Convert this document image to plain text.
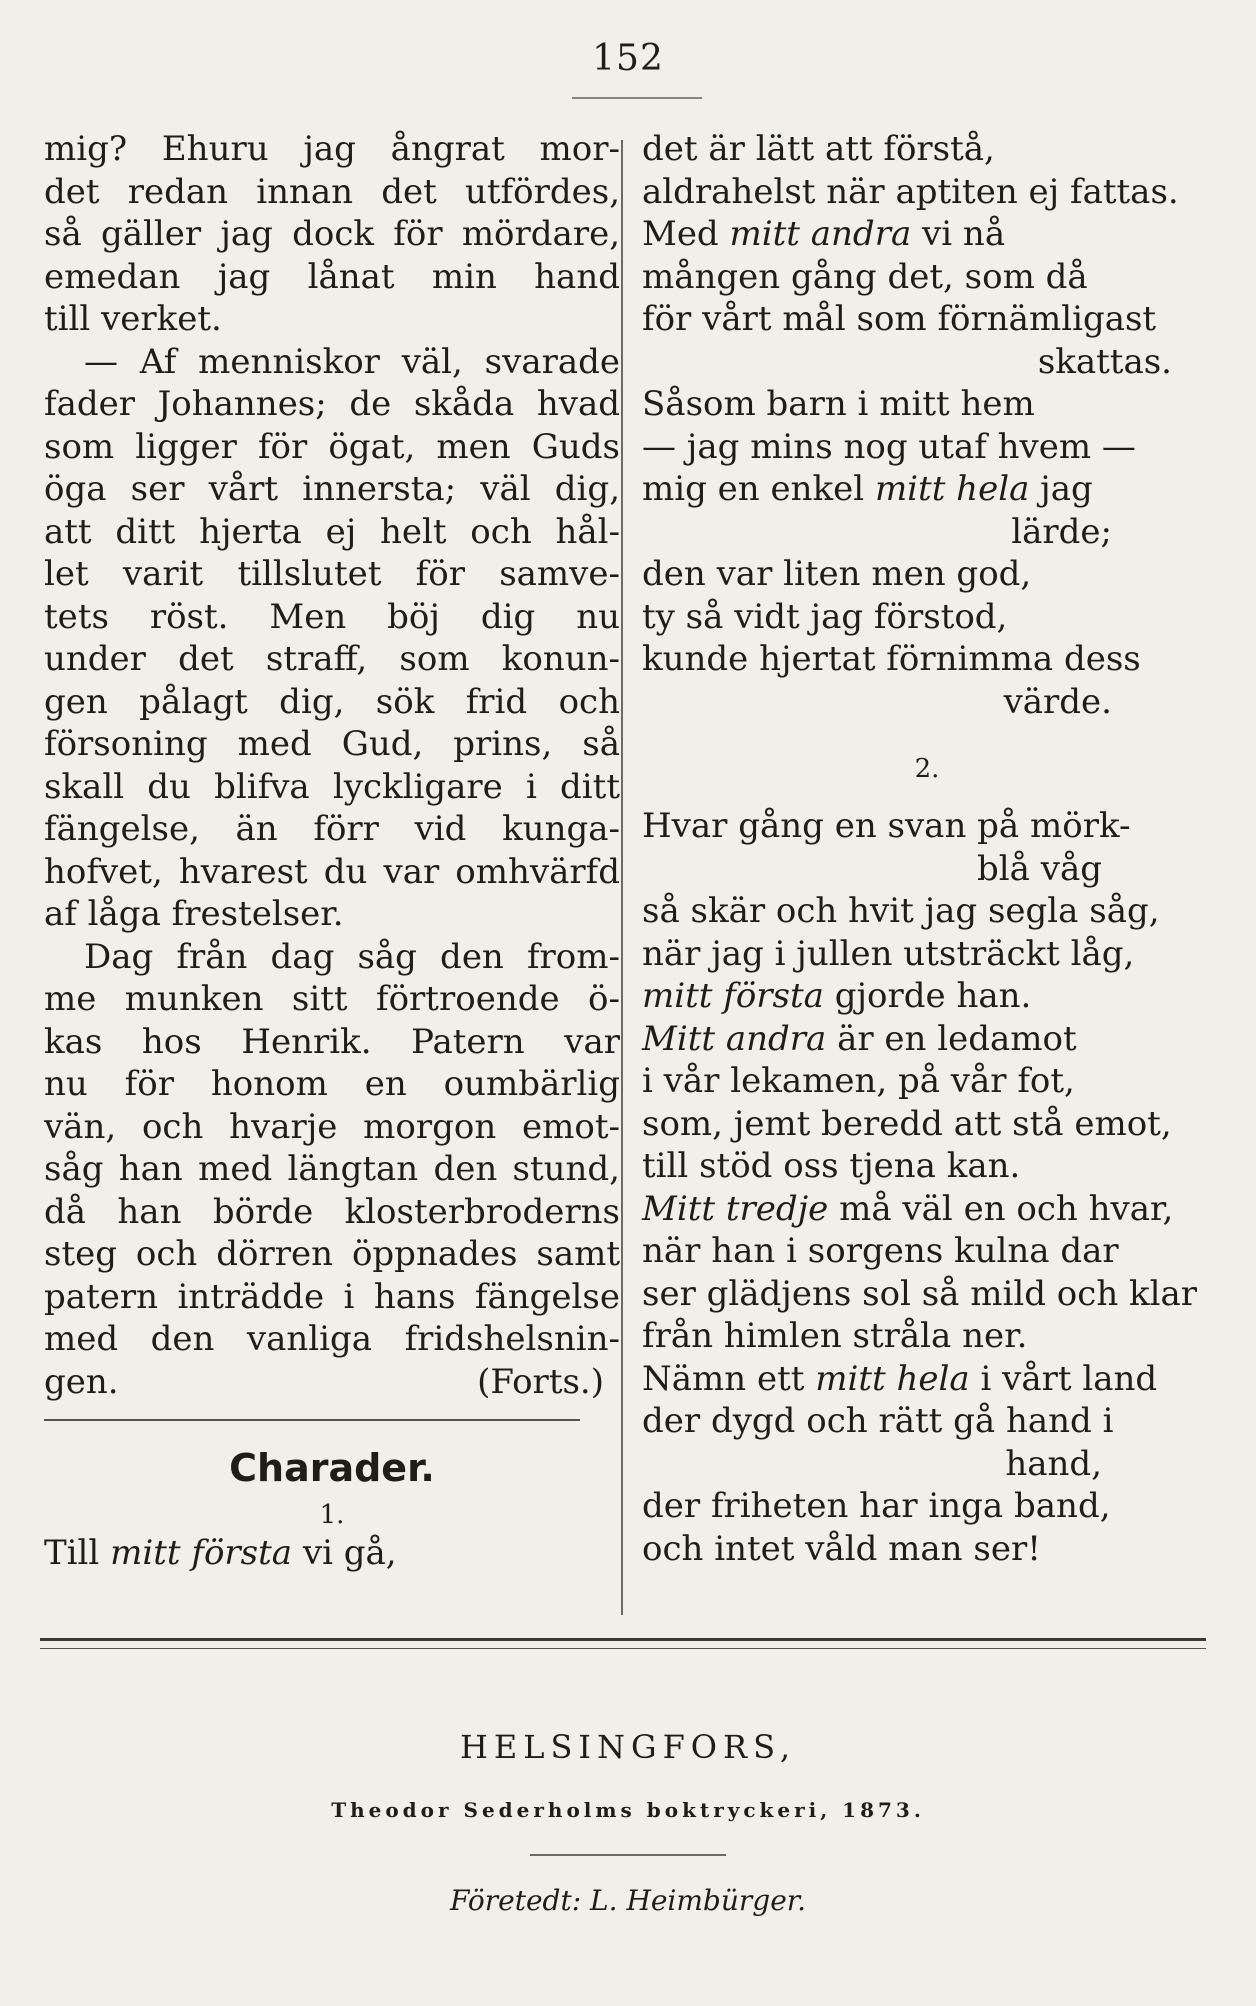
152
mig? Ehuru jag ångrat mor-
det redan innan det utfördes,
så gäller jag dock för mördare,
emedan jag lånat min hand
till verket.
— Af menniskor väl, svarade
fader Johannes; de skåda hvad
som ligger för ögat, men Guds
öga ser vårt innersta; väl dig,
att ditt hjerta ej helt och hål-
let varit tillslutet för samve-
tets röst. Men böj dig nu
under det straff, som konun-
gen pålagt dig, sök frid och
försoning med Gud, prins, så
skall du blifva lyckligare i ditt
fängelse, än förr vid kunga-
hofvet, hvarest du var omhvärfd
af låga frestelser.
Dag från dag såg den from-
me munken sitt förtroende ö-
kas hos Henrik. Patern var
nu för honom en oumbärlig
vän, och hvarje morgon emot-
såg han med längtan den stund,
då han börde klosterbroderns
steg och dörren öppnades samt
patern inträdde i hans fängelse
med den vanliga fridshelsnin-
gen.	(Forts.)
Charader.
1.
Till mitt första vi gå,
det är lätt att förstå,
aldrahelst när aptiten ej fattas.
Med mitt andra vi nå
mången gång det, som då
för vårt mål som förnämligast
skattas.
Såsom barn i mitt hem
— jag mins nog utaf hvem —
mig en enkel mitt hela jag
lärde;
den var liten men god,
ty så vidt jag förstod,
kunde hjertat förnimma dess
värde.
2.
Hvar gång en svan på mörk-
blå våg
så skär och hvit jag segla såg,
när jag i jullen utsträckt låg,
mitt första gjorde han.
Mitt andra är en ledamot
i vår lekamen, på vår fot,
som, jemt beredd att stå emot,
till stöd oss tjena kan.
Mitt tredje må väl en och hvar,
när han i sorgens kulna dar
ser glädjens sol så mild och klar
från himlen stråla ner.
Nämn ett mitt hela i vårt land
der dygd och rätt gå hand i
hand,
der friheten har inga band,
och intet våld man ser!
HELSINGFORS,
Theodor Sederholms boktryckeri, 1873.
Företedt: L. Heimbürger.
